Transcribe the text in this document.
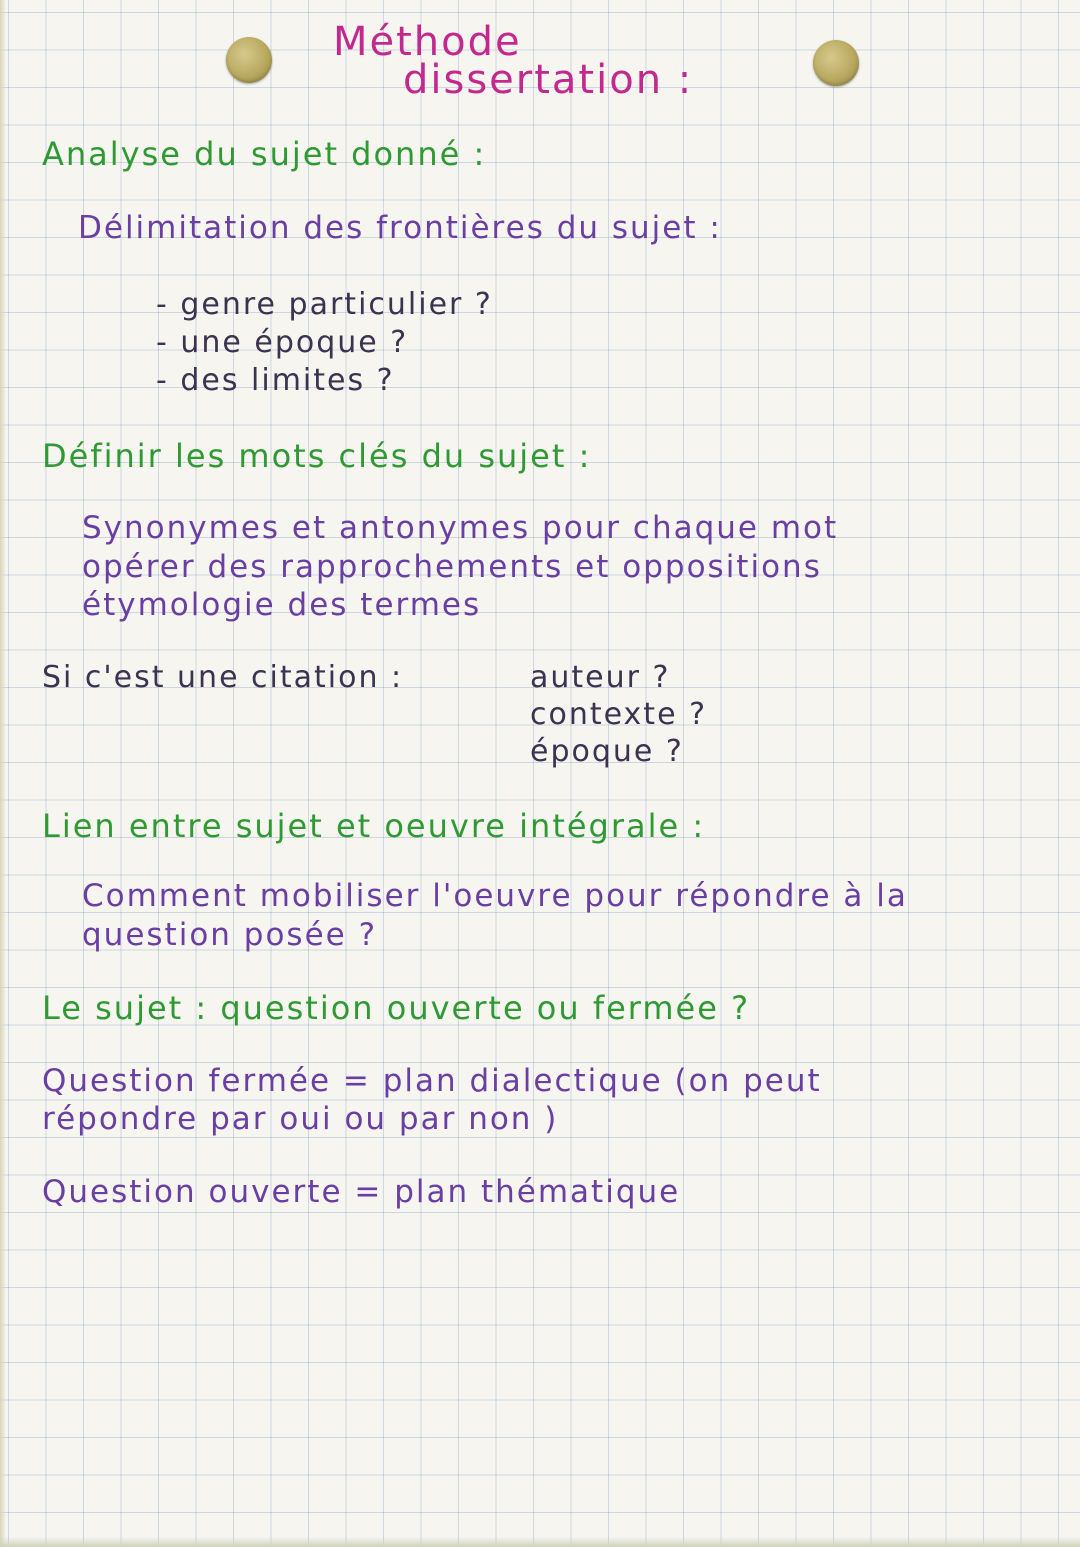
Méthode
dissertation :
Analyse du sujet donné :
Délimitation des frontières du sujet :
- genre particulier ?
- une époque ?
- des limites ?
Définir les mots clés du sujet :
Synonymes et antonymes pour chaque mot
opérer des rapprochements et oppositions
étymologie des termes
Si c'est une citation :	auteur ?
contexte ?
époque ?
Lien entre sujet et oeuvre intégrale :
Comment mobiliser l'oeuvre pour répondre à la
question posée ?
Le sujet : question ouverte ou fermée ?
Question fermée = plan dialectique (on peut
répondre par oui ou par non )
Question ouverte = plan thématique
